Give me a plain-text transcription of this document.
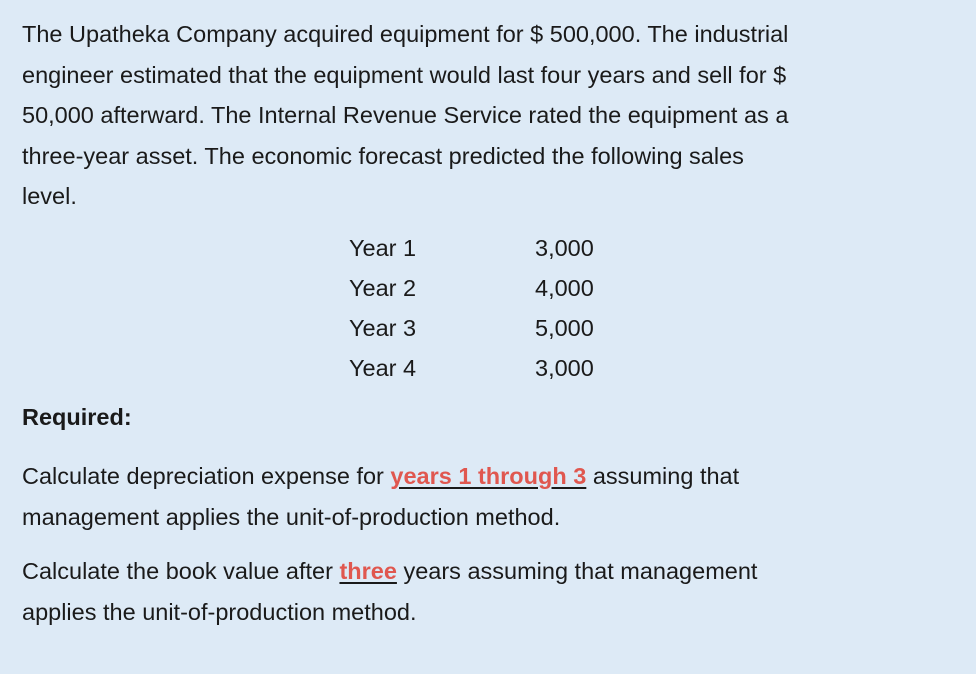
The Upatheka Company acquired equipment for $ 500,000. The industrial
engineer estimated that the equipment would last four years and sell for $
50,000 afterward. The Internal Revenue Service rated the equipment as a
three-year asset. The economic forecast predicted the following sales
level.

Year 1	3,000
Year 2	4,000
Year 3	5,000
Year 4	3,000

Required:

Calculate depreciation expense for years 1 through 3 assuming that
management applies the unit-of-production method.

Calculate the book value after three years assuming that management
applies the unit-of-production method.
